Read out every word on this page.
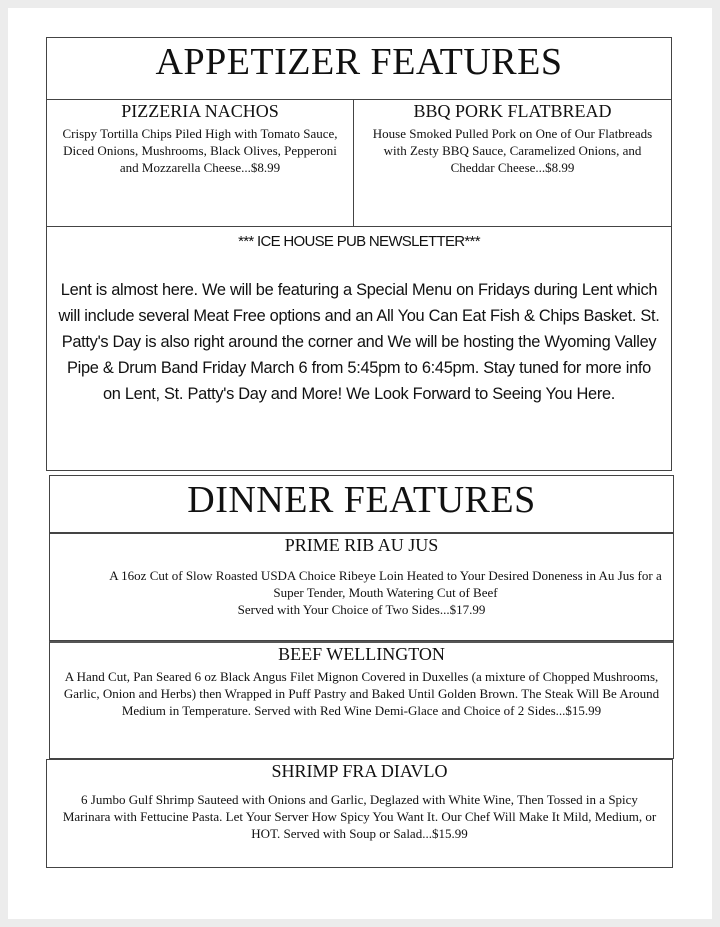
APPETIZER FEATURES

PIZZERIA NACHOS

Crispy Tortilla Chips Piled High with Tomato Sauce, Diced Onions, Mushrooms, Black Olives, Pepperoni and Mozzarella Cheese...$8.99

BBQ PORK FLATBREAD

House Smoked Pulled Pork on One of Our Flatbreads with Zesty BBQ Sauce, Caramelized Onions, and Cheddar Cheese...$8.99

*** ICE HOUSE PUB NEWSLETTER***

Lent is almost here. We will be featuring a Special Menu on Fridays during Lent which will include several Meat Free options and an All You Can Eat Fish & Chips Basket. St. Patty's Day is also right around the corner and We will be hosting the Wyoming Valley Pipe & Drum Band Friday March 6 from 5:45pm to 6:45pm. Stay tuned for more info on Lent, St. Patty's Day and More! We Look Forward to Seeing You Here.

DINNER FEATURES

PRIME RIB AU JUS

A 16oz Cut of Slow Roasted USDA Choice Ribeye Loin Heated to Your Desired Doneness in Au Jus for a Super Tender, Mouth Watering Cut of Beef

Served with Your Choice of Two Sides...$17.99

BEEF WELLINGTON

A Hand Cut, Pan Seared 6 oz Black Angus Filet Mignon Covered in Duxelles (a mixture of Chopped Mushrooms, Garlic, Onion and Herbs) then Wrapped in Puff Pastry and Baked Until Golden Brown. The Steak Will Be Around Medium in Temperature. Served with Red Wine Demi-Glace and Choice of 2 Sides...$15.99

SHRIMP FRA DIAVLO

6 Jumbo Gulf Shrimp Sauteed with Onions and Garlic, Deglazed with White Wine, Then Tossed in a Spicy Marinara with Fettucine Pasta. Let Your Server How Spicy You Want It. Our Chef Will Make It Mild, Medium, or HOT. Served with Soup or Salad...$15.99
